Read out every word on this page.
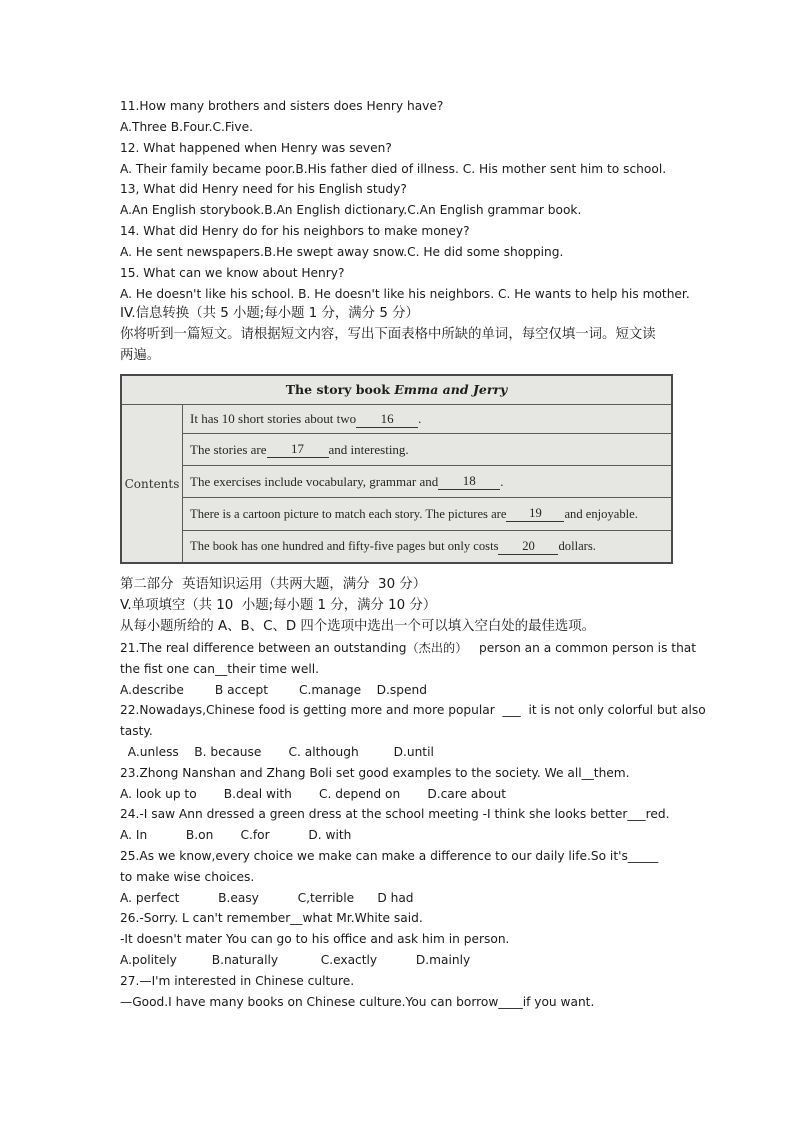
11.How many brothers and sisters does Henry have?
A.Three B.Four.C.Five.
12. What happened when Henry was seven?
A. Their family became poor.B.His father died of illness. C. His mother sent him to school.
13, What did Henry need for his English study?
A.An English storybook.B.An English dictionary.C.An English grammar book.
14. What did Henry do for his neighbors to make money?
A. He sent newspapers.B.He swept away snow.C. He did some shopping.
15. What can we know about Henry?
A. He doesn't like his school. B. He doesn't like his neighbors. C. He wants to help his mother.
IV.信息转换（共 5 小题;每小题 1 分，满分 5 分）
你将听到一篇短文。请根据短文内容，写出下面表格中所缺的单词，每空仅填一词。短文读
两遍。
The story book Emma and Jerry
Contents
It has 10 short stories about two	16	.
The stories are	17	and interesting.
The exercises include vocabulary, grammar and	18	.
There is a cartoon picture to match each story. The pictures are	19	and enjoyable.
The book has one hundred and fifty-five pages but only costs	20	dollars.
第二部分  英语知识运用（共两大题，满分  30 分）
V.单项填空（共 10  小题;每小题 1 分，满分 10 分）
从每小题所给的 A、B、C、D 四个选项中选出一个可以填入空白处的最佳选项。
21.The real difference between an outstanding（杰出的）   person an a common person is that
the fist one can__their time well.
A.describe        B accept        C.manage    D.spend
22.Nowadays,Chinese food is getting more and more popular  ___  it is not only colorful but also
tasty.
A.unless    B. because       C. although         D.until
23.Zhong Nanshan and Zhang Boli set good examples to the society. We all__them.
A. look up to       B.deal with       C. depend on       D.care about
24.-I saw Ann dressed a green dress at the school meeting -I think she looks better___red.
A. In          B.on       C.for          D. with
25.As we know,every choice we make can make a difference to our daily life.So it's_____
to make wise choices.
A. perfect          B.easy          C,terrible      D had
26.-Sorry. L can't remember__what Mr.White said.
-It doesn't mater You can go to his office and ask him in person.
A.politely         B.naturally           C.exactly          D.mainly
27.—I'm interested in Chinese culture.
—Good.I have many books on Chinese culture.You can borrow____if you want.
